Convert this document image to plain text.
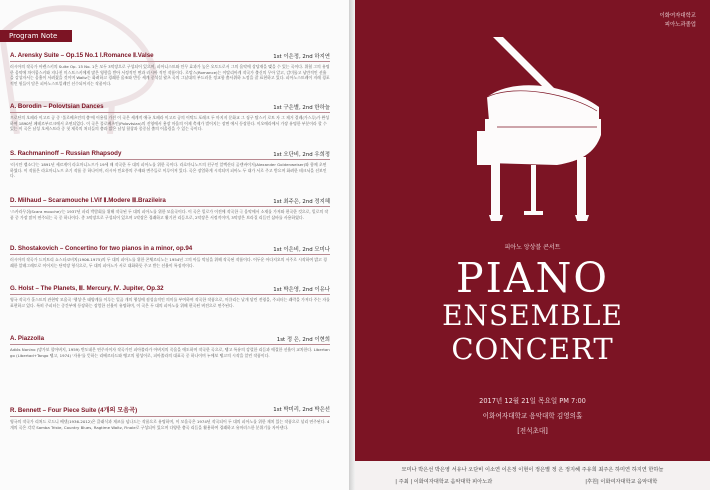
Program Note
A. Arensky Suite – Op.15 No.1 Ⅰ.Romance Ⅱ.Valse	1st 이은정, 2nd 하지연
러시아의 작곡가 아렌스키의 Suite Op. 15 No. 1은 모두 3악장으로 구성되어 있으며, 피아니스트와 안무 효과가 높은 오토드로서 그의 음악에 상당재을 맺을 수 있는 곡이다. 위협 그의 유명한 음악에 차이콥스키와 지나친 미스트스키에게 많은 영향을 받아 서정적인 면과 러시아 적인 작품이다. 로망스(Romance)는 이탈리아계 작곡가 출신의 무아 알고, 감미롭고 낭만적인 선율을 감상자서는 음흉이 서려졌을 것이며 Waltz는 화려하고 경쾌한 음조와 반동 세계 중석설 왈츠 곡의 그날대의 부드러운 정교함 춤사위하 느낌을 잘 표현하고 있다. 피아노스트레이 지레 경포적인 원들이 담은 피아노스트일레인 선수되어지는 작품이다.
A. Borodin – Polovtsian Dances	1st 구은별, 2nd 한하늘
프로딘의 오페라 이고르 공 중 '폴로베츠인의 춤'에 이용될 가진 이 곡은 세계적 애국 오페라 이고르 공의 이탁드 포레크 두 마지지 문화교 그 징구 탑스키 로트 자 그 제거 결레(가스루)가 완성하여 1890년 페테르부르크에서 초연되었다. 이 곡은 폴로베츠인(Polovtsian)의 진영에서 용장 마음의 어제 축제가 벌어지는 장면 에서 등장한다. 이오에라에서 가장 유명한 부분이라 할 수 있는 이 곡은 남성 오케스트라 중 첫 제목의 처녀들의 춤과 밝은 남성 합창과 종중심 춤의 어울림을 수 있는 곡이다.
S. Rachmaninoff – Russian Rhapsody	1st 오단비, 2nd 우희정
'러시안 랩소디'는 1891년 세르게이 라흐마니노프가 19세 때 작곡한 두 대의 피아노를 위한 곡이다. 라흐마니노프의 친구인 알렉산더 골덴바이저(Alexander Goldenweiser)와 함께 초연하였다. 이 작품은 라흐마니노프 초기 작품 중 하나이며, 러시아 민요풍의 주제와 변주들로 이루어져 있다. 곡은 장엄하게 시작되며 피아노 두 대가 서로 주고 받으며 화려한 테크닉을 선보인다.
D. Milhaud – Scaramouche Ⅰ.Vif Ⅱ.Modere Ⅲ.Brazileira	1st 최주은, 2nd 정지혜
'스카라무쉬(Scara mouche)'는 1937년 파리 박람회를 위해 작곡된 두 대의 피아노를 위한 모음곡이다. 이 곡은 밀로가 이전에 작곡한 극 음악에서 소재를 가져와 편곡한 것으로, 밀로의 작품 중 가장 많이 연주되는 곡 중 하나이다. 총 3악장으로 구성되어 있으며 1악장은 경쾌하고 활기찬 리듬으로, 2악장은 서정적이며, 3악장은 브라질 리듬인 삼바를 사용하였다.
D. Shostakovich – Concertino for two pianos in a minor, op.94	1st 이은비, 2nd 모미나
러시아의 작곡가 드미트리 쇼스타코비치(1906-1975)의 두 대의 피아노를 위한 콘체르티노는 1954년 그의 아들 막심을 위해 작곡된 작품이다. 어두운 아다지오의 서주로 시작하여 밝고 경쾌한 알레그레토로 이어지는 단악장 형식으로, 두 대의 피아노가 서로 대화하듯 주고 받는 선율이 특징적이다.
G. Holst – The Planets, Ⅲ. Mercury, Ⅳ. Jupiter, Op.32	1st 박은영, 2nd 이유나
영국 작곡가 홀스트의 관현악 모음곡 '행성'은 태양계를 이루는 일곱 개의 행성에 점성술적인 의미를 부여하여 작곡한 작품으로, 머큐리는 날개 달린 전령을, 주피터는 쾌락을 가져다 주는 자를 표현하고 있다. 특히 주피터는 중간부에 등장하는 장엄한 선율이 유명하며, 이 곡은 두 대의 피아노를 위해 편곡된 버전으로 연주된다.
A. Piazzolla	1st 정 은, 2nd 이현희
Adiós Nonino (망가보 할아버지, 1959) 반도네온 연주자이자 작곡가인 피아졸라가 아버지의 죽음을 애도하며 작곡한 곡으로, 탱고 특유의 강렬한 리듬과 애절한 선율이 교차한다. Libertango (Libertad+Tango 탱고, 1974) '자유'를 뜻하는 리베르타드와 탱고의 합성어로, 피아졸라의 대표곡 중 하나이며 누에보 탱고의 시작을 알린 작품이다.
R. Bennett – Four Piece Suite (4개의 모음곡)	1st 박미리, 2nd 박은선
영국의 작곡가 리처드 로드니 베넷(1936-2012)은 클래식과 재즈를 넘나드는 작품으로 유명하며, 이 모음곡은 1974년 작곡되어 두 대의 피아노를 위한 재치 있는 작품으로 널리 연주된다. 4개의 곡은 각각 Samba Triste, Country Blues, Ragtime Waltz, Finale로 구성되어 있으며 다양한 춤곡 리듬을 활용하여 경쾌하고 유머러스한 분위기를 자아낸다.
이화여자대학교
피아노과졸업
피아노 앙상블 콘서트
PIANO
ENSEMBLE
CONCERT
2017년 12월 21일 목요일 PM 7:00
이화여자대학교 음악대학 김영의홀
[전석초대]
모미나 박은선 박은영 서유나 오단비 이소연 이은정 이현이 정은별 정 은 정지혜 주유희 최주은 하미연 하지연 한하늘
| 주최 | 이화여자대학교 음악대학 피아노과	|후원| 이화여자대학교 음악대학
